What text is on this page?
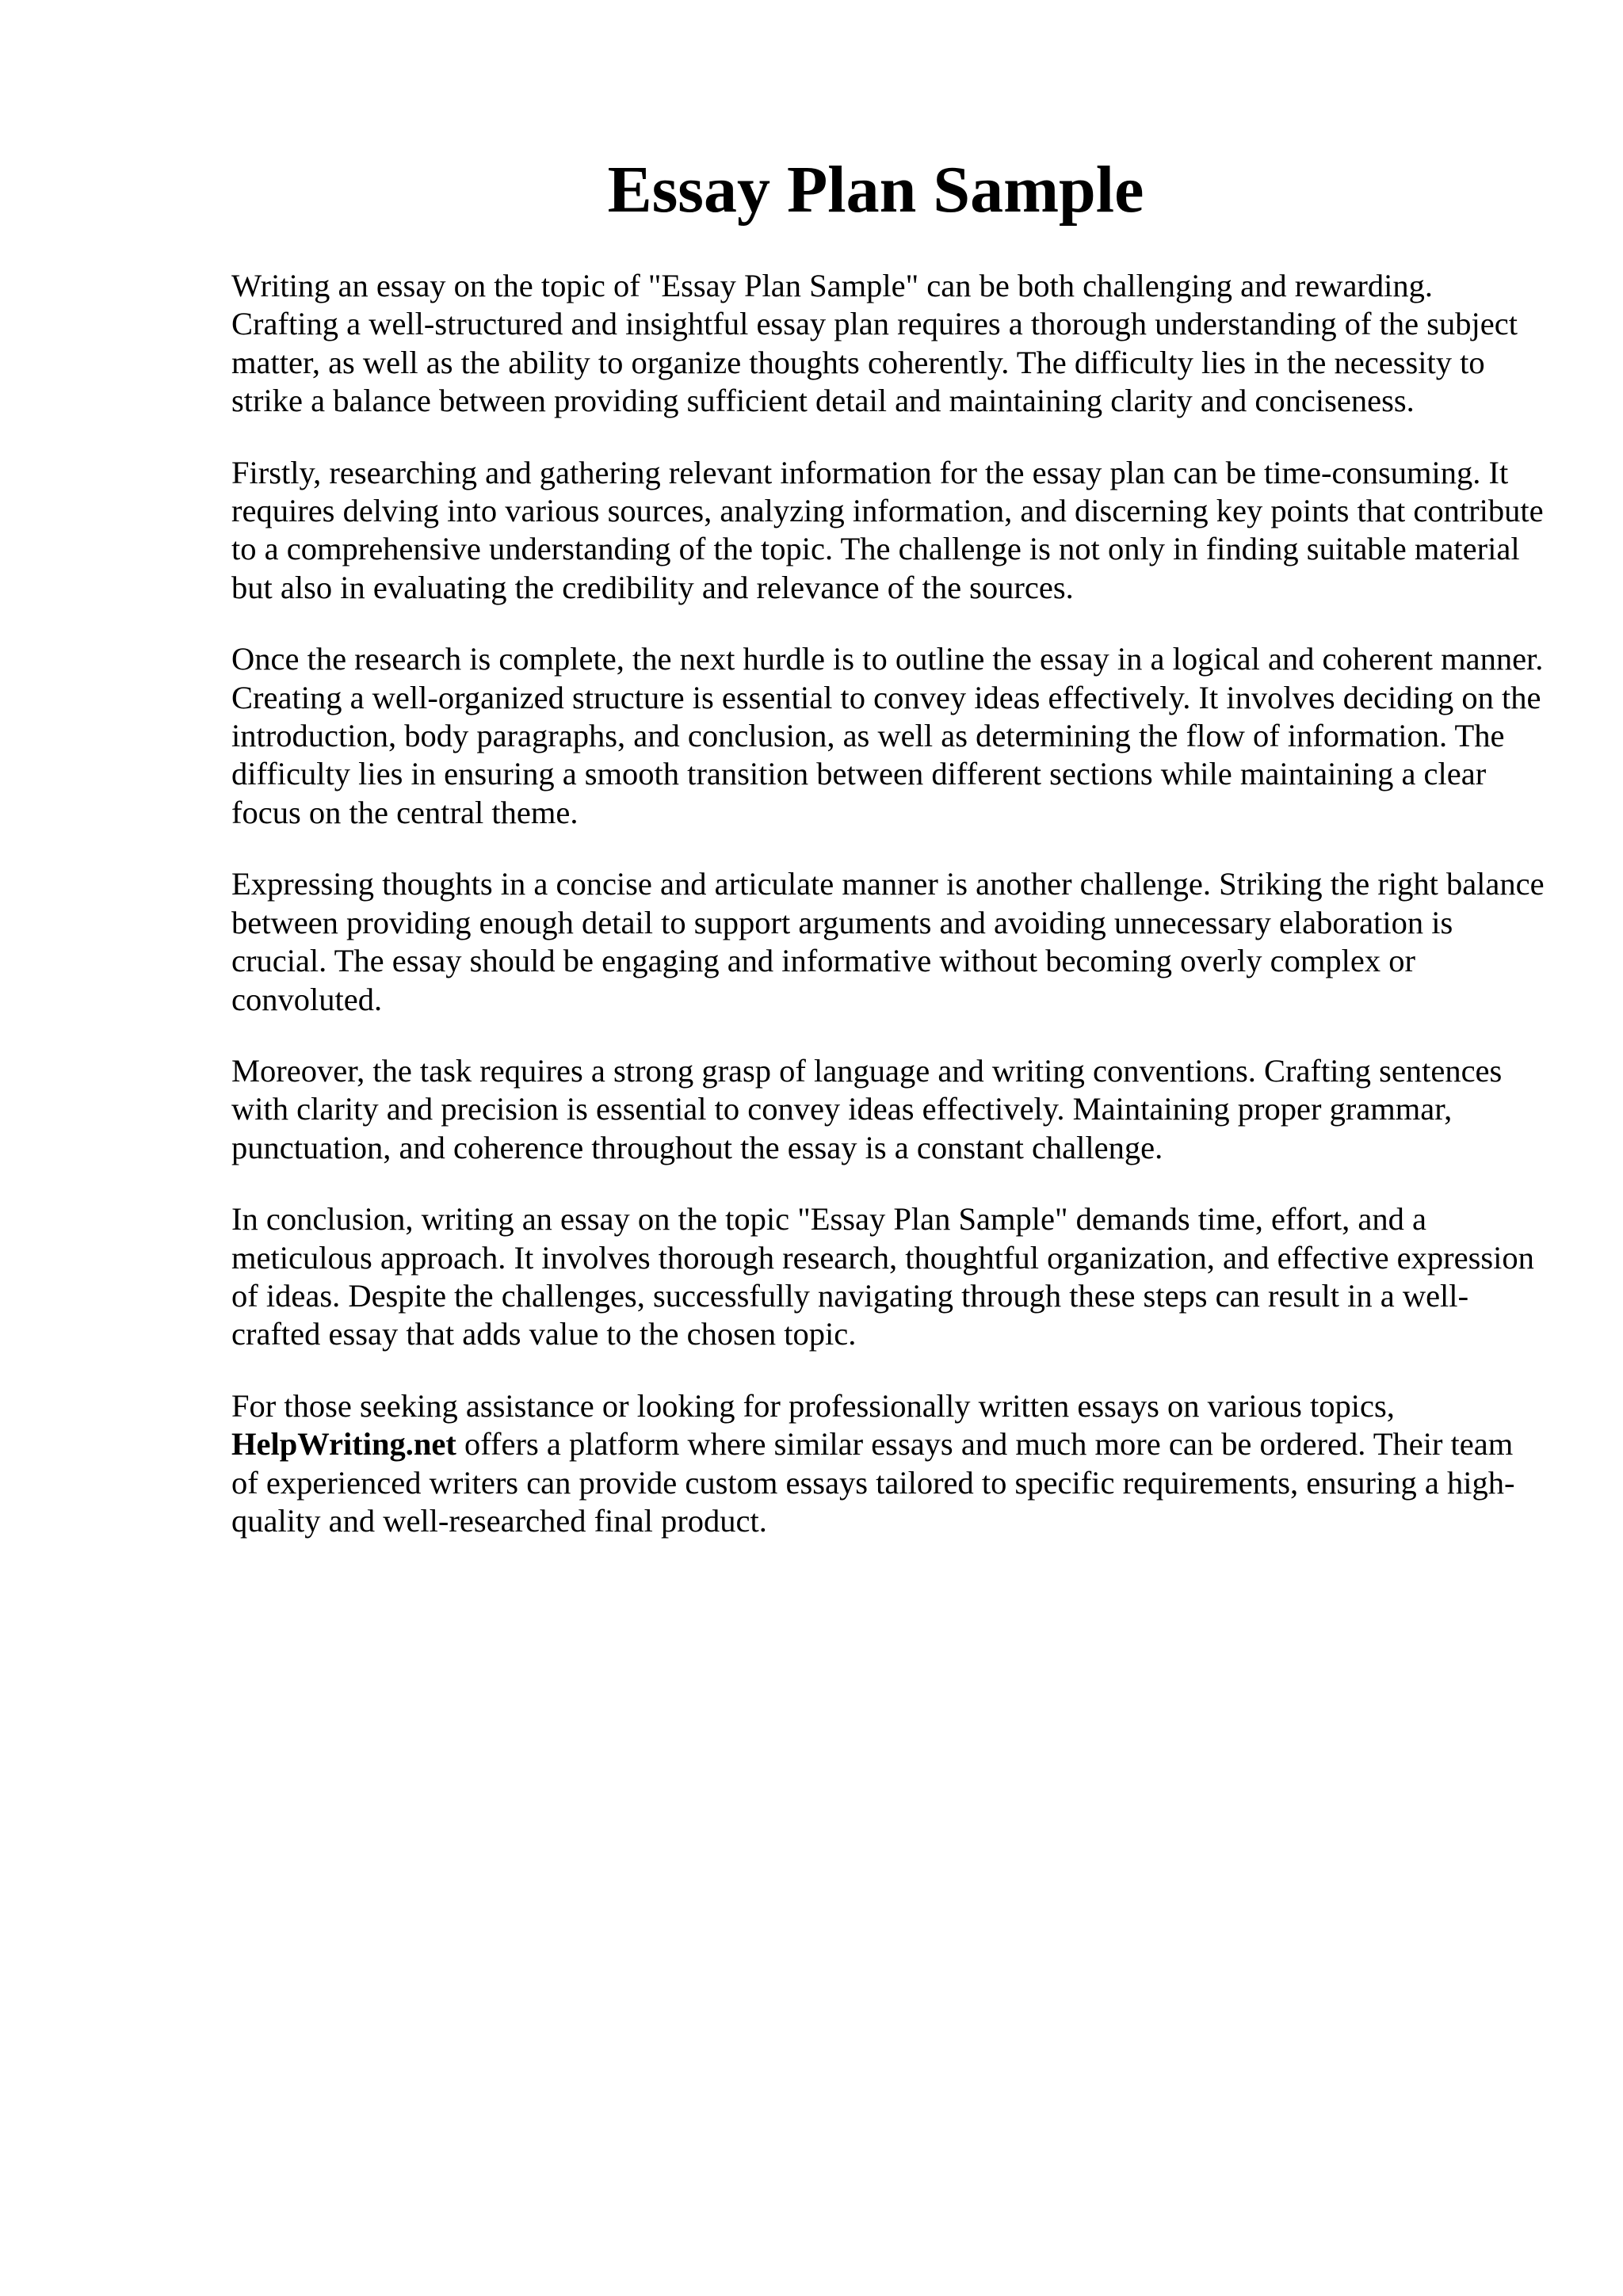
Essay Plan Sample

Writing an essay on the topic of "Essay Plan Sample" can be both challenging and rewarding. Crafting a well-structured and insightful essay plan requires a thorough understanding of the subject matter, as well as the ability to organize thoughts coherently. The difficulty lies in the necessity to strike a balance between providing sufficient detail and maintaining clarity and conciseness.

Firstly, researching and gathering relevant information for the essay plan can be time-consuming. It requires delving into various sources, analyzing information, and discerning key points that contribute to a comprehensive understanding of the topic. The challenge is not only in finding suitable material but also in evaluating the credibility and relevance of the sources.

Once the research is complete, the next hurdle is to outline the essay in a logical and coherent manner. Creating a well-organized structure is essential to convey ideas effectively. It involves deciding on the introduction, body paragraphs, and conclusion, as well as determining the flow of information. The difficulty lies in ensuring a smooth transition between different sections while maintaining a clear focus on the central theme.

Expressing thoughts in a concise and articulate manner is another challenge. Striking the right balance between providing enough detail to support arguments and avoiding unnecessary elaboration is crucial. The essay should be engaging and informative without becoming overly complex or convoluted.

Moreover, the task requires a strong grasp of language and writing conventions. Crafting sentences with clarity and precision is essential to convey ideas effectively. Maintaining proper grammar, punctuation, and coherence throughout the essay is a constant challenge.

In conclusion, writing an essay on the topic "Essay Plan Sample" demands time, effort, and a meticulous approach. It involves thorough research, thoughtful organization, and effective expression of ideas. Despite the challenges, successfully navigating through these steps can result in a well-crafted essay that adds value to the chosen topic.

For those seeking assistance or looking for professionally written essays on various topics, HelpWriting.net offers a platform where similar essays and much more can be ordered. Their team of experienced writers can provide custom essays tailored to specific requirements, ensuring a high-quality and well-researched final product.
